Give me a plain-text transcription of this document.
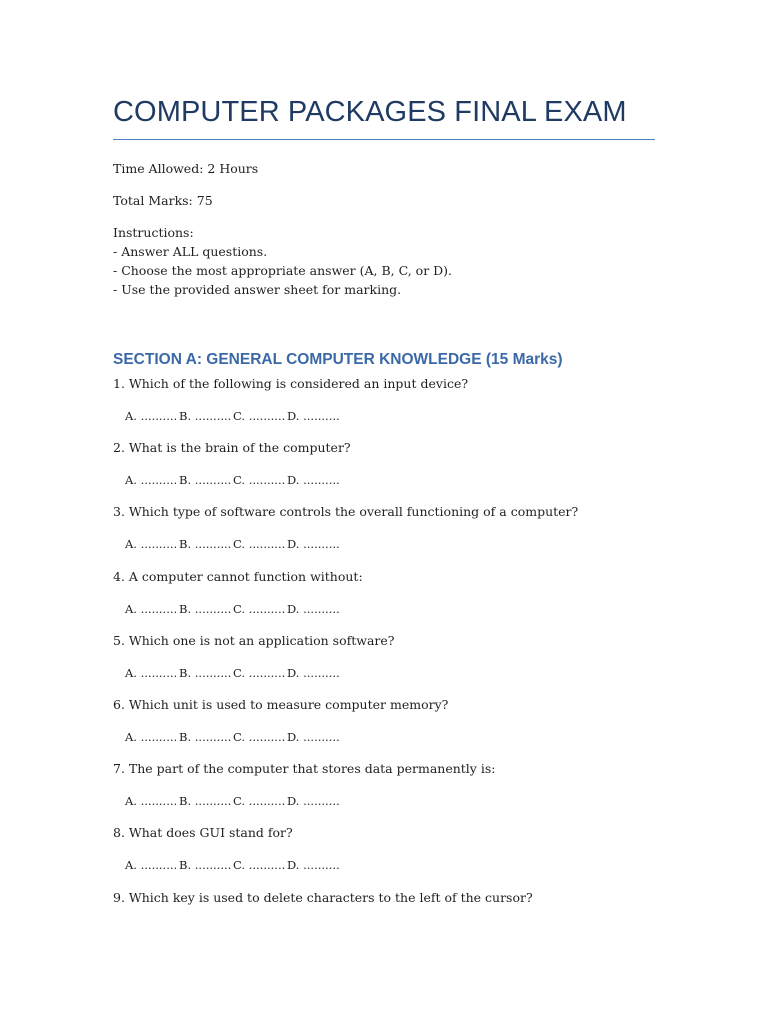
COMPUTER PACKAGES FINAL EXAM
Time Allowed: 2 Hours
Total Marks: 75
Instructions:
- Answer ALL questions.
- Choose the most appropriate answer (A, B, C, or D).
- Use the provided answer sheet for marking.
SECTION A: GENERAL COMPUTER KNOWLEDGE (15 Marks)
1. Which of the following is considered an input device?
A. .......... B. .......... C. .......... D. ..........
2. What is the brain of the computer?
A. .......... B. .......... C. .......... D. ..........
3. Which type of software controls the overall functioning of a computer?
A. .......... B. .......... C. .......... D. ..........
4. A computer cannot function without:
A. .......... B. .......... C. .......... D. ..........
5. Which one is not an application software?
A. .......... B. .......... C. .......... D. ..........
6. Which unit is used to measure computer memory?
A. .......... B. .......... C. .......... D. ..........
7. The part of the computer that stores data permanently is:
A. .......... B. .......... C. .......... D. ..........
8. What does GUI stand for?
A. .......... B. .......... C. .......... D. ..........
9. Which key is used to delete characters to the left of the cursor?
